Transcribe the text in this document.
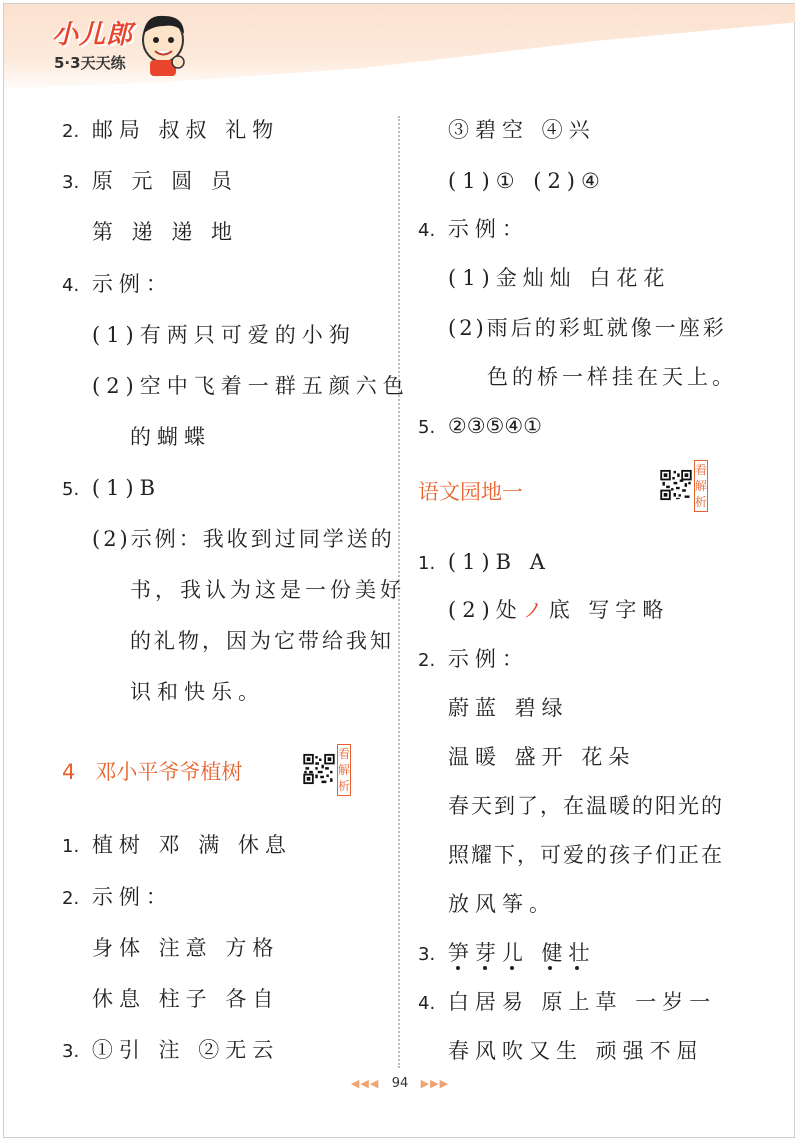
小儿郎
5·3天天练
2. 邮局 叔叔 礼物
3. 原 元 圆 员
第 递 递 地
4. 示例：
(1)有两只可爱的小狗
(2)空中飞着一群五颜六色
的蝴蝶
5. (1)B
(2)示例：我收到过同学送的
书，我认为这是一份美好
的礼物，因为它带给我知
识和快乐。
4 邓小平爷爷植树
看解析
1. 植树 邓 满 休息
2. 示例：
身体 注意 方格
休息 柱子 各自
3. ①引 注 ②无云
③碧空 ④兴
(1)① (2)④
4. 示例：
(1)金灿灿 白花花
(2)雨后的彩虹就像一座彩
色的桥一样挂在天上。
5. ②③⑤④①
语文园地一
看解析
1. (1)B A
(2)处ノ底 写字略
2. 示例：
蔚蓝 碧绿
温暖 盛开 花朵
春天到了，在温暖的阳光的
照耀下，可爱的孩子们正在
放风筝。
3. 笋芽儿 健壮
4. 白居易 原上草 一岁一
春风吹又生 顽强不屈
◀◀◀ 94 ▶▶▶
